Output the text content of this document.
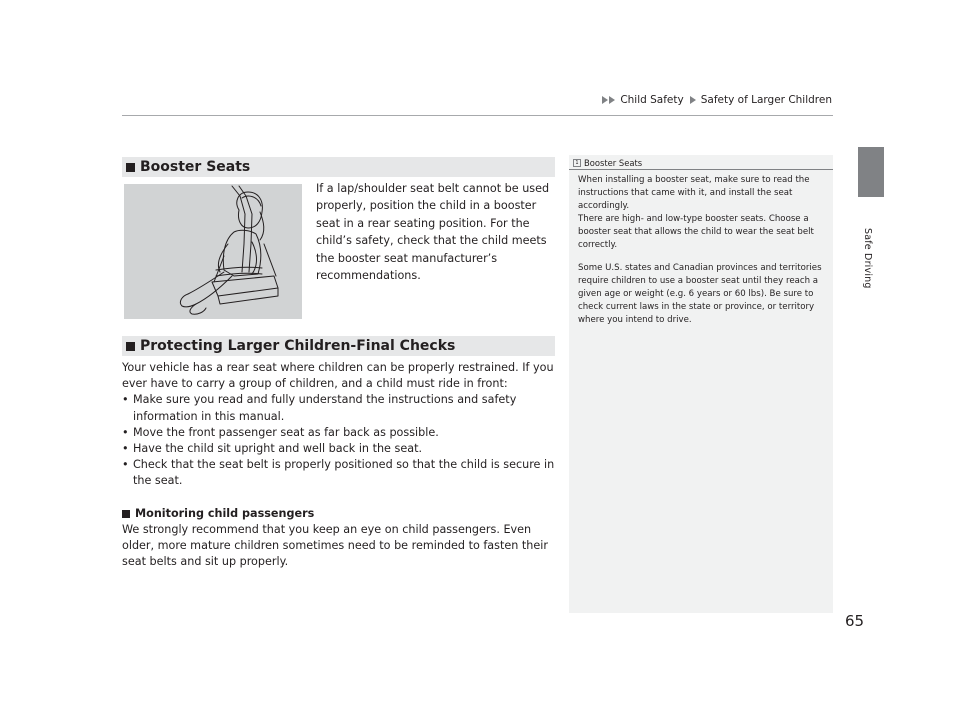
Child Safety Safety of Larger Children
Safe Driving
Booster Seats
If a lap/shoulder seat belt cannot be used properly, position the child in a booster seat in a rear seating position. For the child’s safety, check that the child meets the booster seat manufacturer’s recommendations.
Protecting Larger Children-Final Checks

Your vehicle has a rear seat where children can be properly restrained. If you ever have to carry a group of children, and a child must ride in front:

• Make sure you read and fully understand the instructions and safety information in this manual.
• Move the front passenger seat as far back as possible.
• Have the child sit upright and well back in the seat.
• Check that the seat belt is properly positioned so that the child is secure in the seat.
Monitoring child passengers

We strongly recommend that you keep an eye on child passengers. Even older, more mature children sometimes need to be reminded to fasten their seat belts and sit up properly.

1 Booster Seats

When installing a booster seat, make sure to read the instructions that came with it, and install the seat accordingly.

There are high- and low-type booster seats. Choose a booster seat that allows the child to wear the seat belt correctly.

Some U.S. states and Canadian provinces and territories require children to use a booster seat until they reach a given age or weight (e.g. 6 years or 60 lbs). Be sure to check current laws in the state or province, or territory where you intend to drive.

65
